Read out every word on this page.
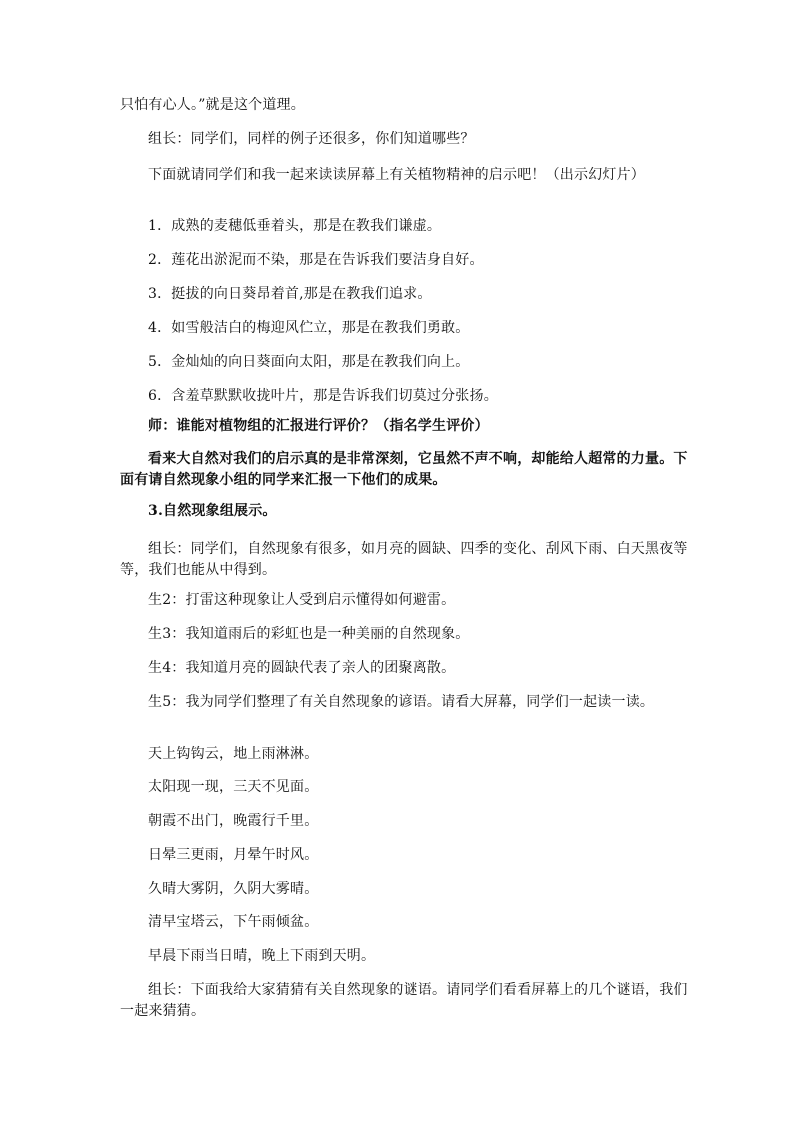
只怕有心人。”就是这个道理。
组长：同学们，同样的例子还很多，你们知道哪些？
下面就请同学们和我一起来读读屏幕上有关植物精神的启示吧！（出示幻灯片）
1．成熟的麦穗低垂着头，那是在教我们谦虚。
2．莲花出淤泥而不染，那是在告诉我们要洁身自好。
3．挺拔的向日葵昂着首,那是在教我们追求。
4．如雪般洁白的梅迎风伫立，那是在教我们勇敢。
5．金灿灿的向日葵面向太阳，那是在教我们向上。
6．含羞草默默收拢叶片，那是告诉我们切莫过分张扬。
师：谁能对植物组的汇报进行评价？（指名学生评价）
看来大自然对我们的启示真的是非常深刻，它虽然不声不响，却能给人超常的力量。下面有请自然现象小组的同学来汇报一下他们的成果。
3.自然现象组展示。
组长：同学们，自然现象有很多，如月亮的圆缺、四季的变化、刮风下雨、白天黑夜等等，我们也能从中得到。
生2：打雷这种现象让人受到启示懂得如何避雷。
生3：我知道雨后的彩虹也是一种美丽的自然现象。
生4：我知道月亮的圆缺代表了亲人的团聚离散。
生5：我为同学们整理了有关自然现象的谚语。请看大屏幕，同学们一起读一读。
天上钩钩云，地上雨淋淋。
太阳现一现，三天不见面。
朝霞不出门，晚霞行千里。
日晕三更雨，月晕午时风。
久晴大雾阴，久阴大雾晴。
清早宝塔云，下午雨倾盆。
早晨下雨当日晴，晚上下雨到天明。
组长：下面我给大家猜猜有关自然现象的谜语。请同学们看看屏幕上的几个谜语，我们一起来猜猜。
